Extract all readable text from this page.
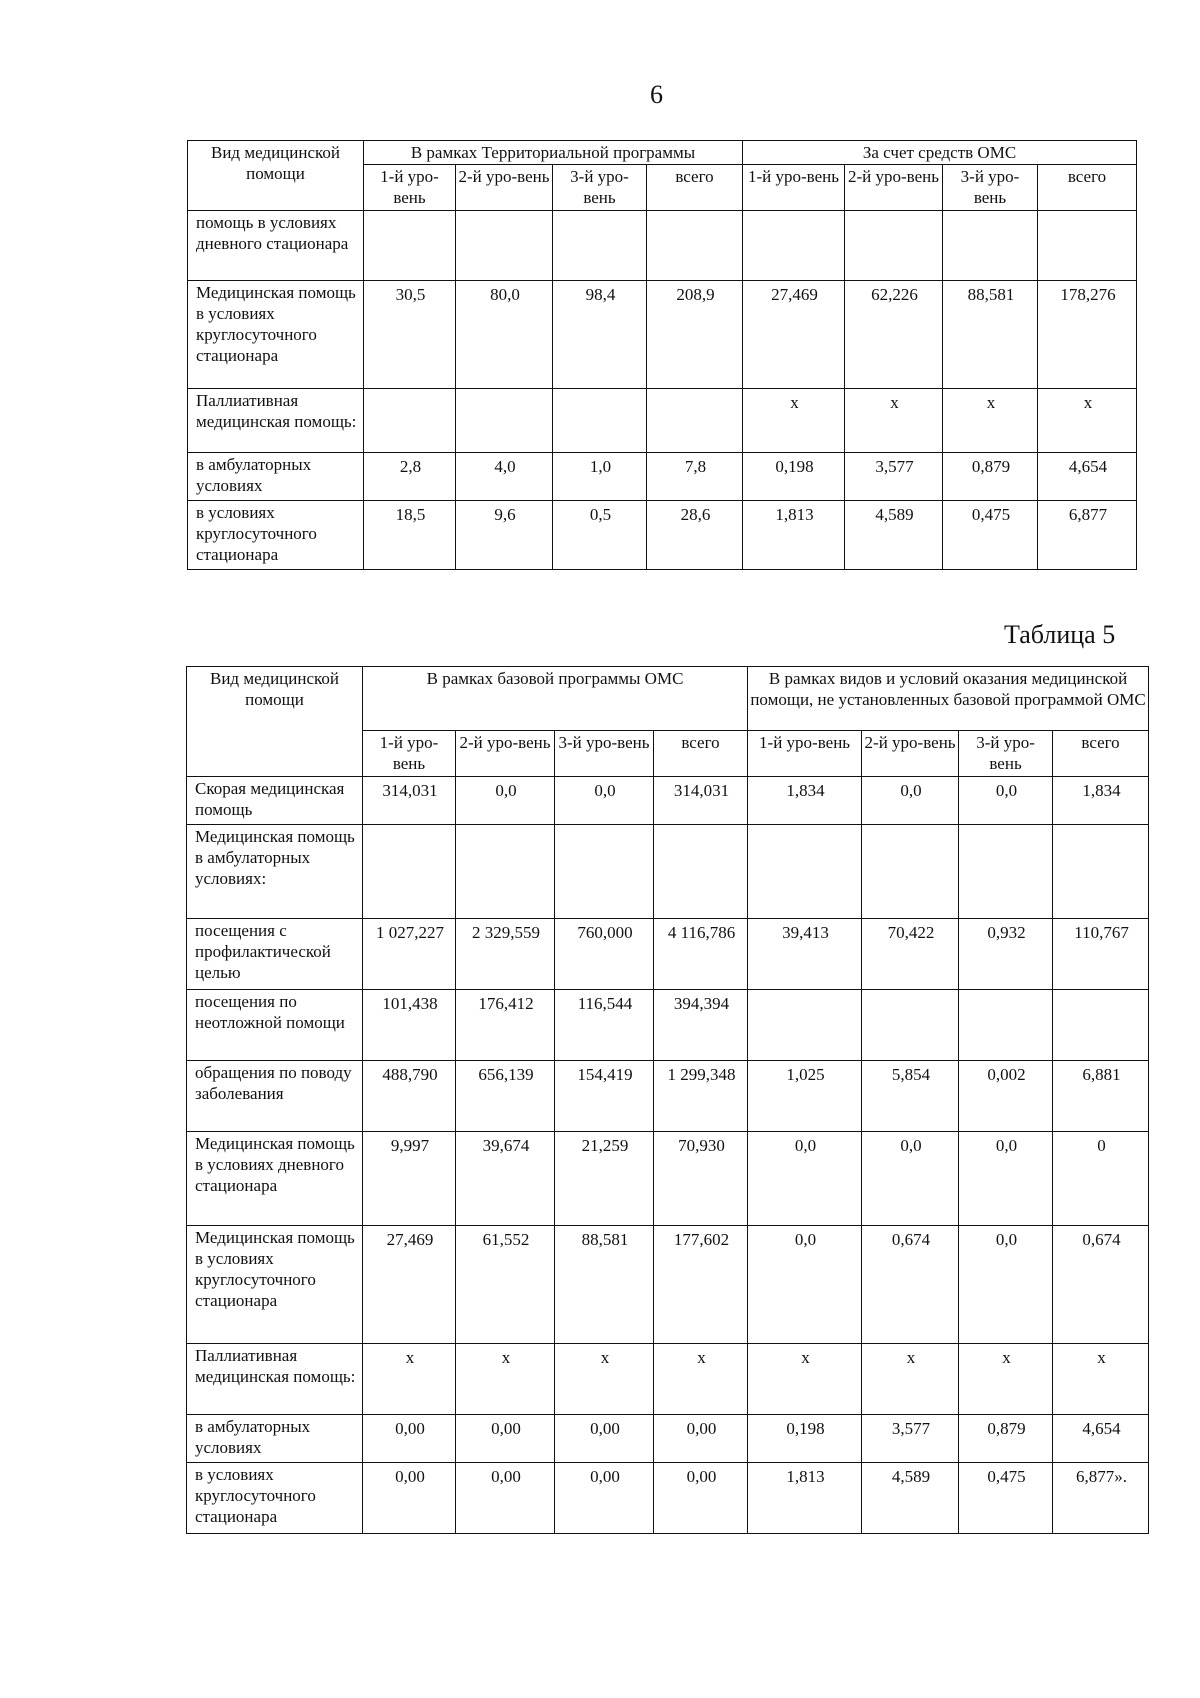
6
Вид медицинской помощи	В рамках Территориальной программы				За счет средств ОМС			
	1-й уро-вень	2-й уро-вень	3-й уро-вень	всего	1-й уро-вень	2-й уро-вень	3-й уро-вень	всего
помощь в условиях дневного стационара								
Медицинская помощь в условиях круглосуточного стационара	30,5	80,0	98,4	208,9	27,469	62,226	88,581	178,276
Паллиативная медицинская помощь:					x	x	x	x
в амбулаторных условиях	2,8	4,0	1,0	7,8	0,198	3,577	0,879	4,654
в условиях круглосуточного стационара	18,5	9,6	0,5	28,6	1,813	4,589	0,475	6,877
Таблица 5
Вид медицинской помощи	В рамках базовой программы ОМС				В рамках видов и условий оказания медицинской помощи, не установленных базовой программой ОМС			
	1-й уро-вень	2-й уро-вень	3-й уро-вень	всего	1-й уро-вень	2-й уро-вень	3-й уро-вень	всего
Скорая медицинская помощь	314,031	0,0	0,0	314,031	1,834	0,0	0,0	1,834
Медицинская помощь в амбулаторных условиях:								
посещения с профилактической целью	1 027,227	2 329,559	760,000	4 116,786	39,413	70,422	0,932	110,767
посещения по неотложной помощи	101,438	176,412	116,544	394,394				
обращения по поводу заболевания	488,790	656,139	154,419	1 299,348	1,025	5,854	0,002	6,881
Медицинская помощь в условиях дневного стационара	9,997	39,674	21,259	70,930	0,0	0,0	0,0	0
Медицинская помощь в условиях круглосуточного стационара	27,469	61,552	88,581	177,602	0,0	0,674	0,0	0,674
Паллиативная медицинская помощь:	x	x	x	x	x	x	x	x
в амбулаторных условиях	0,00	0,00	0,00	0,00	0,198	3,577	0,879	4,654
в условиях круглосуточного стационара	0,00	0,00	0,00	0,00	1,813	4,589	0,475	6,877».
